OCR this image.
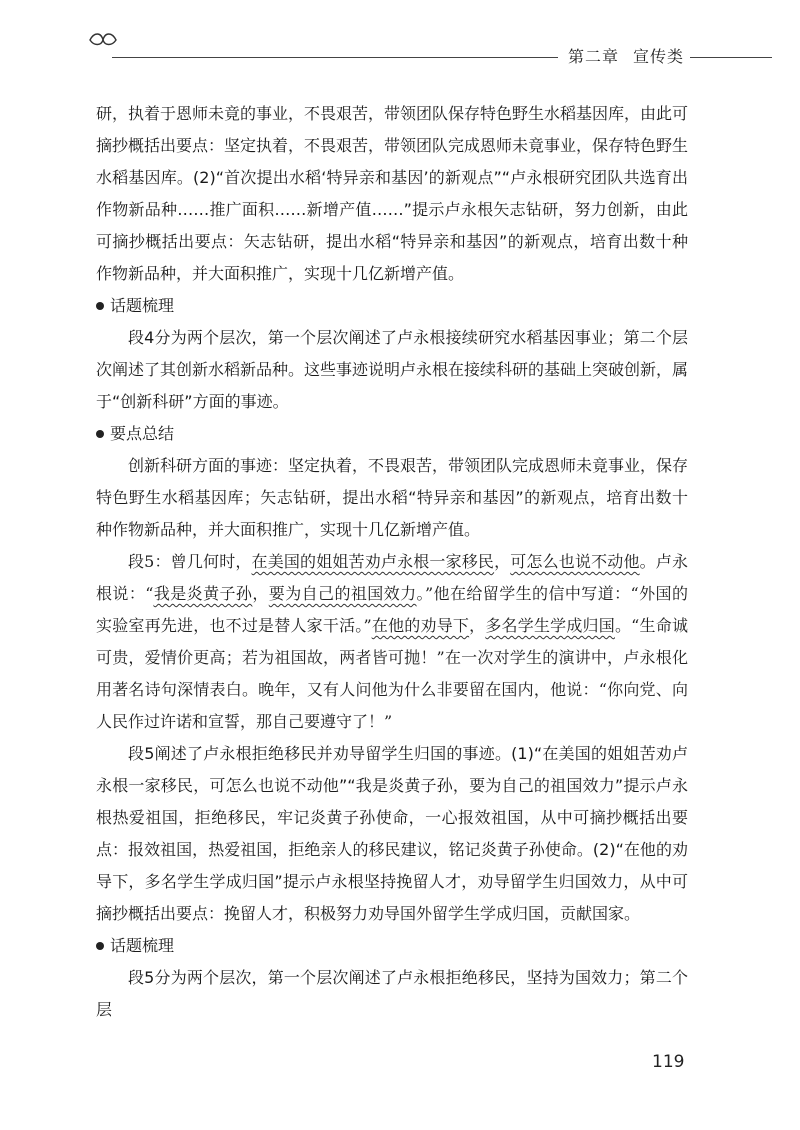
第二章 宣传类

研，执着于恩师未竟的事业，不畏艰苦，带领团队保存特色野生水稻基因库，由此可摘抄概括出要点：坚定执着，不畏艰苦，带领团队完成恩师未竟事业，保存特色野生水稻基因库。(2)“首次提出水稻‘特异亲和基因’的新观点”“卢永根研究团队共选育出作物新品种……推广面积……新增产值……”提示卢永根矢志钻研，努力创新，由此可摘抄概括出要点：矢志钻研，提出水稻“特异亲和基因”的新观点，培育出数十种作物新品种，并大面积推广，实现十几亿新增产值。

话题梳理

段4分为两个层次，第一个层次阐述了卢永根接续研究水稻基因事业；第二个层次阐述了其创新水稻新品种。这些事迹说明卢永根在接续科研的基础上突破创新，属于“创新科研”方面的事迹。

要点总结

创新科研方面的事迹：坚定执着，不畏艰苦，带领团队完成恩师未竟事业，保存特色野生水稻基因库；矢志钻研，提出水稻“特异亲和基因”的新观点，培育出数十种作物新品种，并大面积推广，实现十几亿新增产值。

段5：曾几何时，在美国的姐姐苦劝卢永根一家移民，可怎么也说不动他。卢永根说：“我是炎黄子孙，要为自己的祖国效力。”他在给留学生的信中写道：“外国的实验室再先进，也不过是替人家干活。”在他的劝导下，多名学生学成归国。“生命诚可贵，爱情价更高；若为祖国故，两者皆可抛！”在一次对学生的演讲中，卢永根化用著名诗句深情表白。晚年，又有人问他为什么非要留在国内，他说：“你向党、向人民作过许诺和宣誓，那自己要遵守了！”

段5阐述了卢永根拒绝移民并劝导留学生归国的事迹。(1)“在美国的姐姐苦劝卢永根一家移民，可怎么也说不动他”“我是炎黄子孙，要为自己的祖国效力”提示卢永根热爱祖国，拒绝移民，牢记炎黄子孙使命，一心报效祖国，从中可摘抄概括出要点：报效祖国，热爱祖国，拒绝亲人的移民建议，铭记炎黄子孙使命。(2)“在他的劝导下，多名学生学成归国”提示卢永根坚持挽留人才，劝导留学生归国效力，从中可摘抄概括出要点：挽留人才，积极努力劝导国外留学生学成归国，贡献国家。

话题梳理

段5分为两个层次，第一个层次阐述了卢永根拒绝移民，坚持为国效力；第二个层

119
